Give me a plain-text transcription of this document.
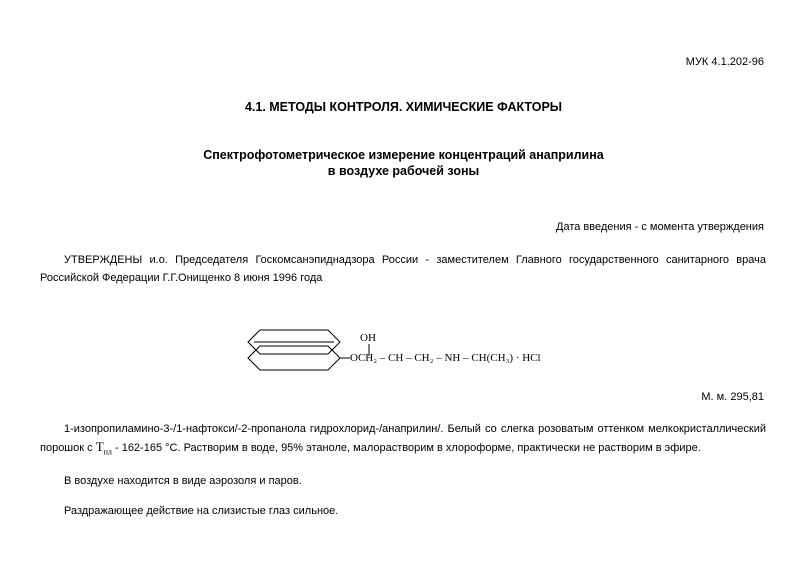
МУК 4.1.202-96
4.1. МЕТОДЫ КОНТРОЛЯ. ХИМИЧЕСКИЕ ФАКТОРЫ
Спектрофотометрическое измерение концентраций анаприлина
в воздухе рабочей зоны
Дата введения - с момента утверждения
УТВЕРЖДЕНЫ и.о. Председателя Госкомсанэпиднадзора России - заместителем Главного государственного санитарного врача Российской Федерации Г.Г.Онищенко 8 июня 1996 года
OH
OCH₂ – CH – CH₂ – NH – CH(CH₃) · HCl
М. м. 295,81
1-изопропиламино-3-/1-нафтокси/-2-пропанола гидрохлорид-/анаприлин/. Белый со слегка розоватым оттенком мелкокристаллический порошок с $T_{пл} - 162-165$ °С. Растворим в воде, 95% этаноле, малорастворим в хлороформе, практически не растворим в эфире.
В воздухе находится в виде аэрозоля и паров.
Раздражающее действие на слизистые глаз сильное.
